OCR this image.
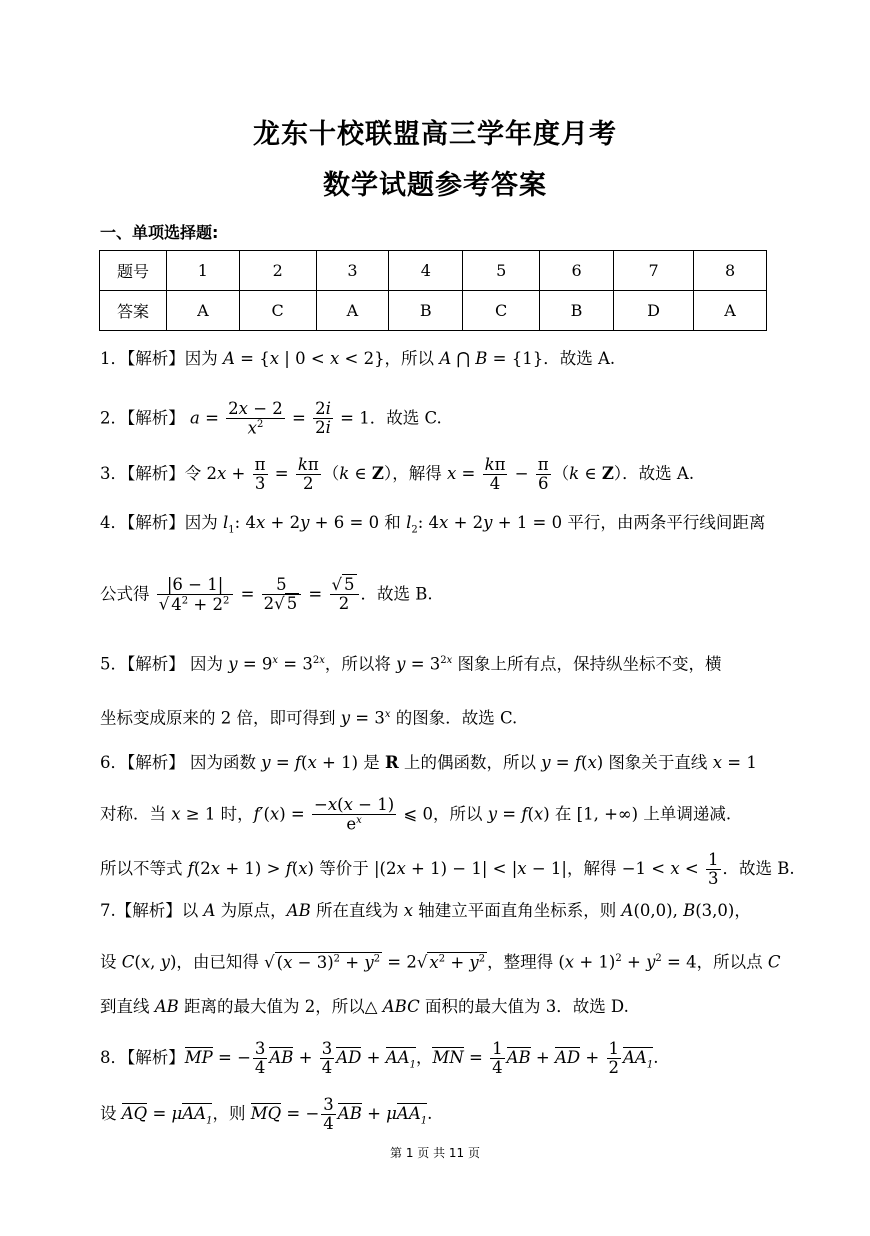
龙东十校联盟高三学年度月考
数学试题参考答案
一、单项选择题:
题号	1	2	3	4	5	6	7	8
答案	A	C	A	B	C	B	D	A
1．【解析】因为 A = {x | 0 < x < 2}，所以 A ⋂ B = {1}．故选 A.
2．【解析】 $a = \frac{2x - 2}{x^2} = \frac{2i}{2i} = 1$．故选 C.
3．【解析】令 $2x + \frac{\pi}{3} = \frac{k\pi}{2} (k$ ∈ Z），解得 $x = \frac{k\pi}{4} - \frac{\pi}{6} (k$ ∈ Z）．故选 A.
4．【解析】因为 $l_1$: 4x + 2y + 6 = 0 和 $l_2$: 4x + 2y + 1 = 0 平行，由两条平行线间距离
公式得 $\frac{|6 - 1|}{√ 4^2 + 2^2} = \frac{5}{2√ 5} = \frac{√ 5}{2}$ ．故选 B.
5．【解析】 因为 $y = 9^x = 3^{2x}$，所以将 $y = 3^{2x}$ 图象上所有点，保持纵坐标不变，横
坐标变成原来的 2 倍，即可得到 $y = 3^x$ 的图象．故选 C.
6．【解析】 因为函数 y = f(x + 1) 是 R 上的偶函数，所以 y = f(x) 图象关于直线 x = 1
对称．当 x ≥ 1 时，$f'(x) = \frac{-x(x - 1)}{e^x}$ ⩽ 0，所以 y = f(x) 在 [1, +∞) 上单调递减.
所以不等式 f(2x + 1) > f(x) 等价于 |(2x + 1) − 1| < |x − 1|，解得 $-1 < x < \frac{1}{3}$ ．故选 B.
7.【解析】以 A 为原点，AB 所在直线为 x 轴建立平面直角坐标系，则 A(0,0), B(3,0)，
设 C(x, y)，由已知得 √ $(x - 3)^2 + y^2 = 2√$ $x^2 + y^2$ ，整理得 $(x + 1)^2 + y^2 = 4$，所以点 C
到直线 AB 距离的最大值为 2，所以△ ABC 面积的最大值为 3．故选 D.
8．【解析】MP = − $\frac{3}{4}$ AB + $\frac{3}{4}$ AD + $AA_1$，MN = $\frac{1}{4}$ AB + AD + $\frac{1}{2} AA_1$.
设 AQ = μAA$_1$，则 MQ = − $\frac{3}{4}$ AB + μAA$_1$.
第 1 页 共 11 页
